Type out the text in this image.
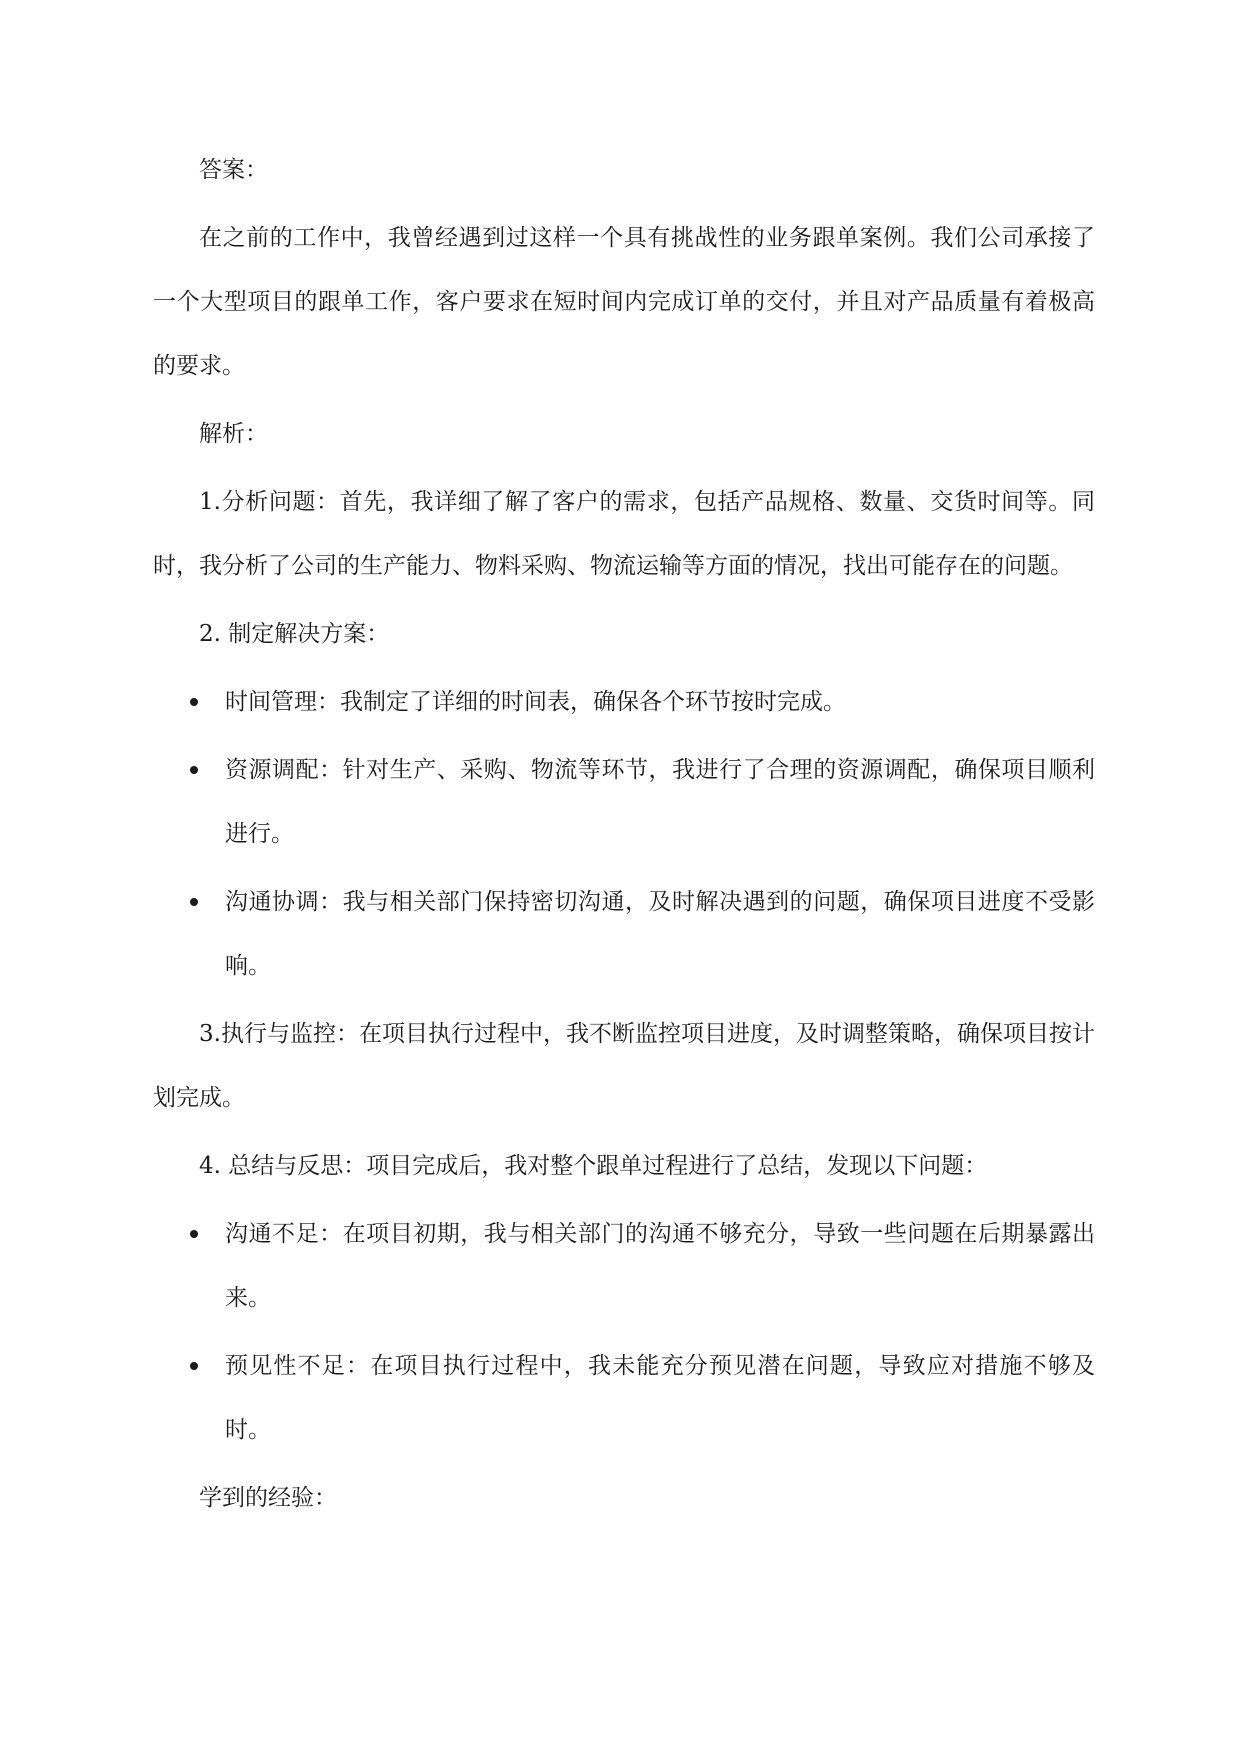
答案：

在之前的工作中，我曾经遇到过这样一个具有挑战性的业务跟单案例。我们公司承接了一个大型项目的跟单工作，客户要求在短时间内完成订单的交付，并且对产品质量有着极高的要求。

解析：

1.分析问题：首先，我详细了解了客户的需求，包括产品规格、数量、交货时间等。同时，我分析了公司的生产能力、物料采购、物流运输等方面的情况，找出可能存在的问题。

2. 制定解决方案：

时间管理：我制定了详细的时间表，确保各个环节按时完成。
资源调配：针对生产、采购、物流等环节，我进行了合理的资源调配，确保项目顺利进行。
沟通协调：我与相关部门保持密切沟通，及时解决遇到的问题，确保项目进度不受影响。

3.执行与监控：在项目执行过程中，我不断监控项目进度，及时调整策略，确保项目按计划完成。

4. 总结与反思：项目完成后，我对整个跟单过程进行了总结，发现以下问题：

沟通不足：在项目初期，我与相关部门的沟通不够充分，导致一些问题在后期暴露出来。
预见性不足：在项目执行过程中，我未能充分预见潜在问题，导致应对措施不够及时。

学到的经验：
